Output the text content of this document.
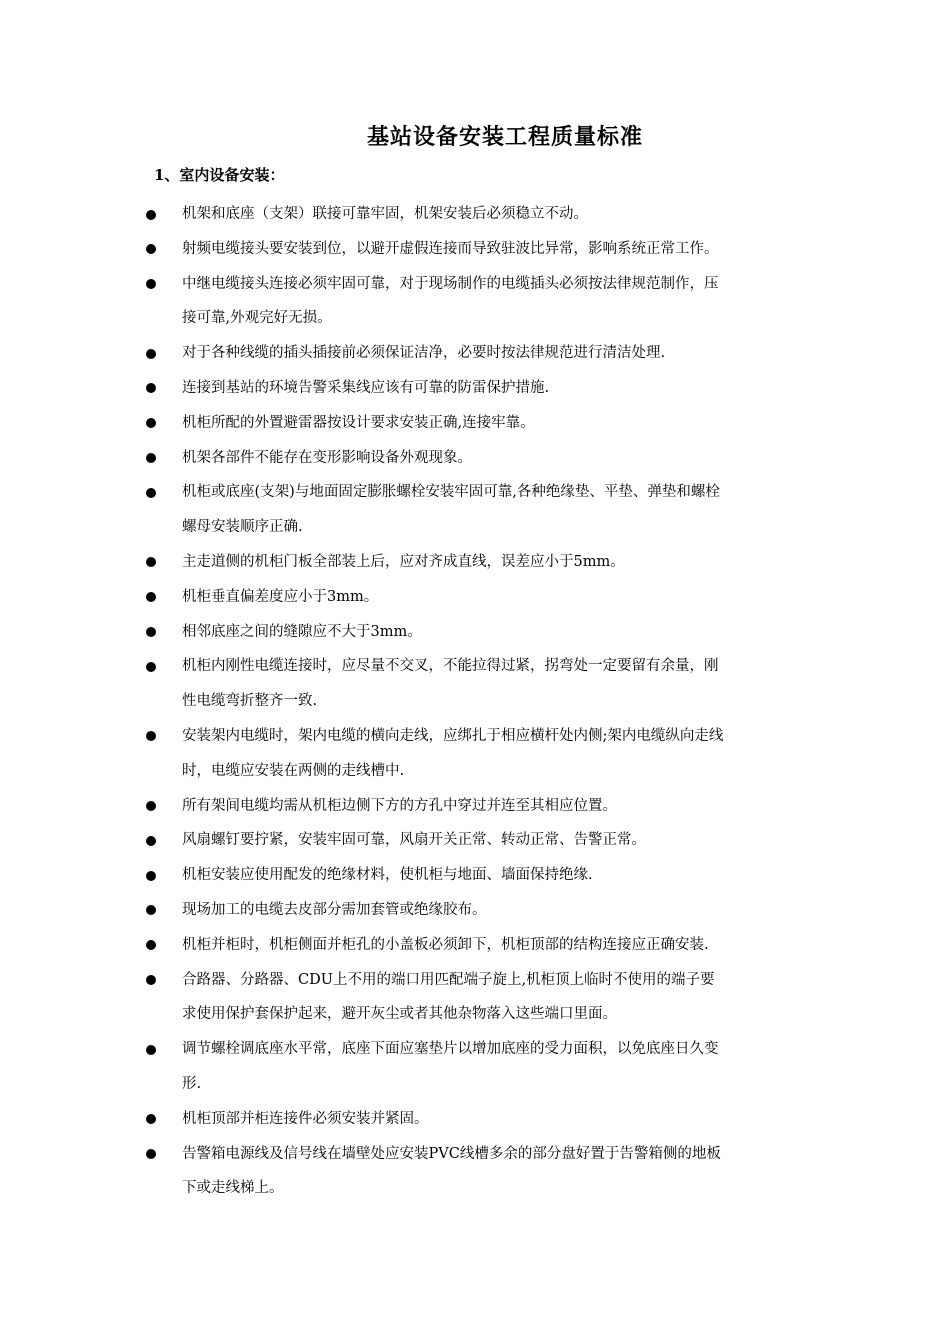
基站设备安装工程质量标准
1、室内设备安装：
机架和底座（支架）联接可靠牢固，机架安装后必须稳立不动。
射频电缆接头要安装到位，以避开虚假连接而导致驻波比异常，影响系统正常工作。
中继电缆接头连接必须牢固可靠，对于现场制作的电缆插头必须按法律规范制作，压
接可靠,外观完好无损。
对于各种线缆的插头插接前必须保证洁净，必要时按法律规范进行清洁处理.
连接到基站的环境告警采集线应该有可靠的防雷保护措施.
机柜所配的外置避雷器按设计要求安装正确,连接牢靠。
机架各部件不能存在变形影响设备外观现象。
机柜或底座(支架)与地面固定膨胀螺栓安装牢固可靠,各种绝缘垫、平垫、弹垫和螺栓
螺母安装顺序正确.
主走道侧的机柜门板全部装上后，应对齐成直线，误差应小于5mm。
机柜垂直偏差度应小于3mm。
相邻底座之间的缝隙应不大于3mm。
机柜内刚性电缆连接时，应尽量不交叉，不能拉得过紧，拐弯处一定要留有余量，刚
性电缆弯折整齐一致.
安装架内电缆时，架内电缆的横向走线，应绑扎于相应横杆处内侧;架内电缆纵向走线
时，电缆应安装在两侧的走线槽中.
所有架间电缆均需从机柜边侧下方的方孔中穿过并连至其相应位置。
风扇螺钉要拧紧，安装牢固可靠，风扇开关正常、转动正常、告警正常。
机柜安装应使用配发的绝缘材料，使机柜与地面、墙面保持绝缘.
现场加工的电缆去皮部分需加套管或绝缘胶布。
机柜并柜时，机柜侧面并柜孔的小盖板必须卸下，机柜顶部的结构连接应正确安装.
合路器、分路器、CDU上不用的端口用匹配端子旋上,机柜顶上临时不使用的端子要
求使用保护套保护起来，避开灰尘或者其他杂物落入这些端口里面。
调节螺栓调底座水平常，底座下面应塞垫片以增加底座的受力面积，以免底座日久变
形.
机柜顶部并柜连接件必须安装并紧固。
告警箱电源线及信号线在墙壁处应安装PVC线槽多余的部分盘好置于告警箱侧的地板
下或走线梯上。
